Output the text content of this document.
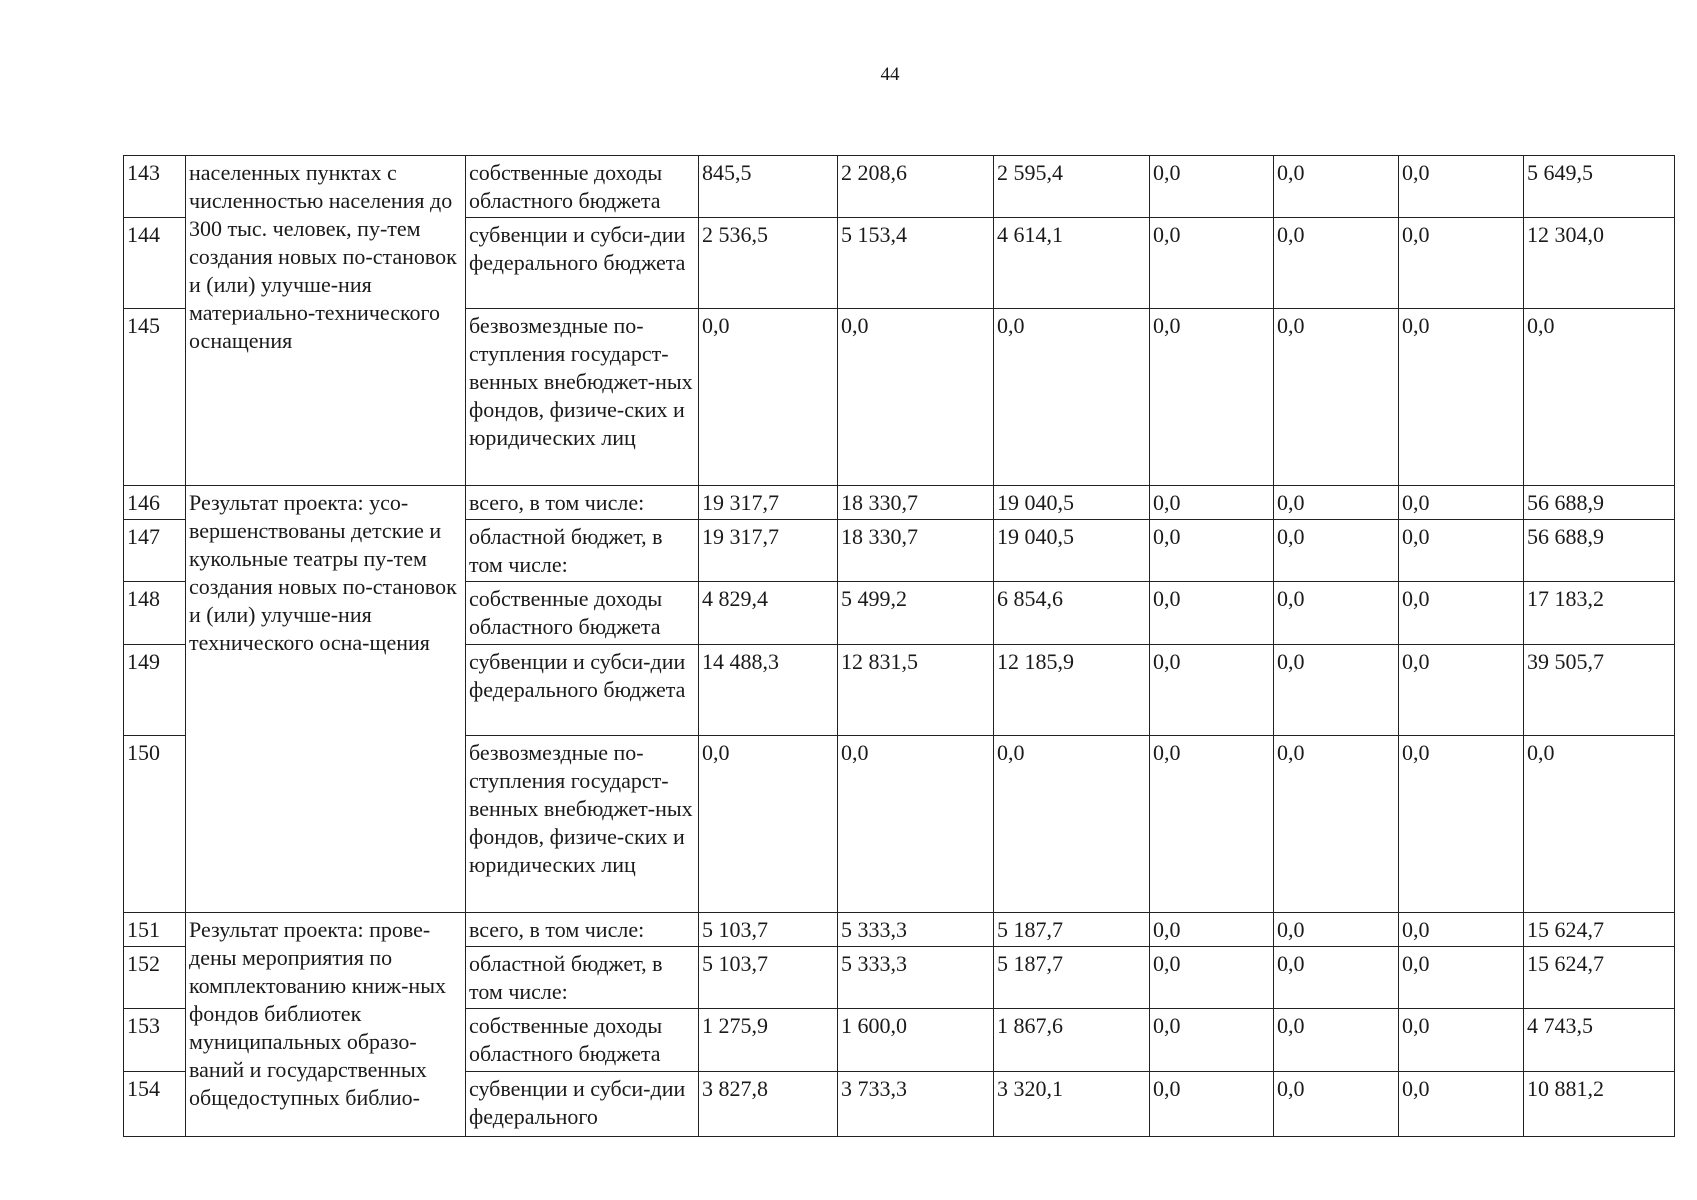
44
143	населенных пунктах с численностью населения до 300 тыс. человек, пу-тем создания новых по-становок и (или) улучше-ния материально-технического оснащения	собственные доходы областного бюджета	845,5	2 208,6	2 595,4	0,0	0,0	0,0	5 649,5
144		субвенции и субси-дии федерального бюджета	2 536,5	5 153,4	4 614,1	0,0	0,0	0,0	12 304,0
145		безвозмездные по-ступления государст-венных внебюджет-ных фондов, физиче-ских и юридических лиц	0,0	0,0	0,0	0,0	0,0	0,0	0,0
146	Результат проекта: усо-вершенствованы детские и кукольные театры пу-тем создания новых по-становок и (или) улучше-ния технического осна-щения	всего, в том числе:	19 317,7	18 330,7	19 040,5	0,0	0,0	0,0	56 688,9
147		областной бюджет, в том числе:	19 317,7	18 330,7	19 040,5	0,0	0,0	0,0	56 688,9
148		собственные доходы областного бюджета	4 829,4	5 499,2	6 854,6	0,0	0,0	0,0	17 183,2
149		субвенции и субси-дии федерального бюджета	14 488,3	12 831,5	12 185,9	0,0	0,0	0,0	39 505,7
150		безвозмездные по-ступления государст-венных внебюджет-ных фондов, физиче-ских и юридических лиц	0,0	0,0	0,0	0,0	0,0	0,0	0,0
151	Результат проекта: прове-дены мероприятия по комплектованию книж-ных фондов библиотек муниципальных образо-ваний и государственных общедоступных библио-	всего, в том числе:	5 103,7	5 333,3	5 187,7	0,0	0,0	0,0	15 624,7
152		областной бюджет, в том числе:	5 103,7	5 333,3	5 187,7	0,0	0,0	0,0	15 624,7
153		собственные доходы областного бюджета	1 275,9	1 600,0	1 867,6	0,0	0,0	0,0	4 743,5
154		субвенции и субси-дии федерального	3 827,8	3 733,3	3 320,1	0,0	0,0	0,0	10 881,2
